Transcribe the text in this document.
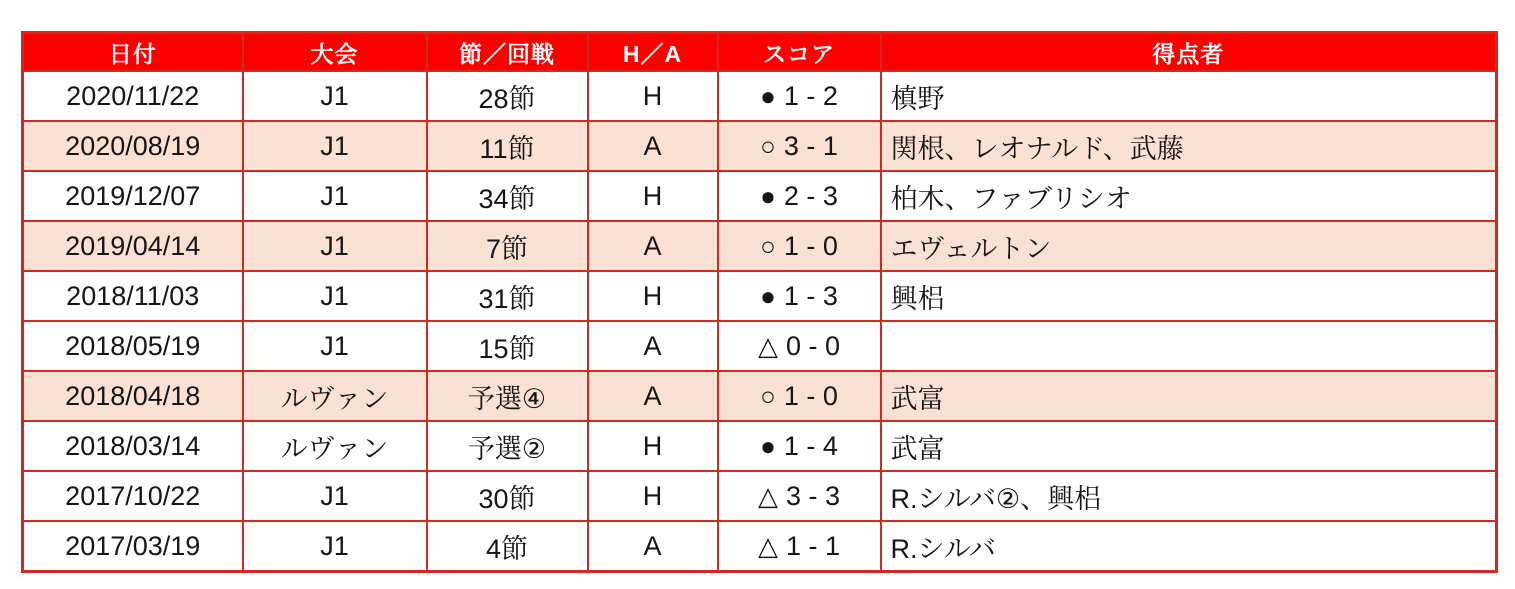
日付	大会	節／回戦	H／A	スコア	得点者
2020/11/22	J1	28節	H	● 1 - 2	槙野
2020/08/19	J1	11節	A	○ 3 - 1	関根、レオナルド、武藤
2019/12/07	J1	34節	H	● 2 - 3	柏木、ファブリシオ
2019/04/14	J1	7節	A	○ 1 - 0	エヴェルトン
2018/11/03	J1	31節	H	● 1 - 3	興梠
2018/05/19	J1	15節	A	△ 0 - 0	
2018/04/18	ルヴァン	予選④	A	○ 1 - 0	武富
2018/03/14	ルヴァン	予選②	H	● 1 - 4	武富
2017/10/22	J1	30節	H	△ 3 - 3	R.シルバ②、興梠
2017/03/19	J1	4節	A	△ 1 - 1	R.シルバ
